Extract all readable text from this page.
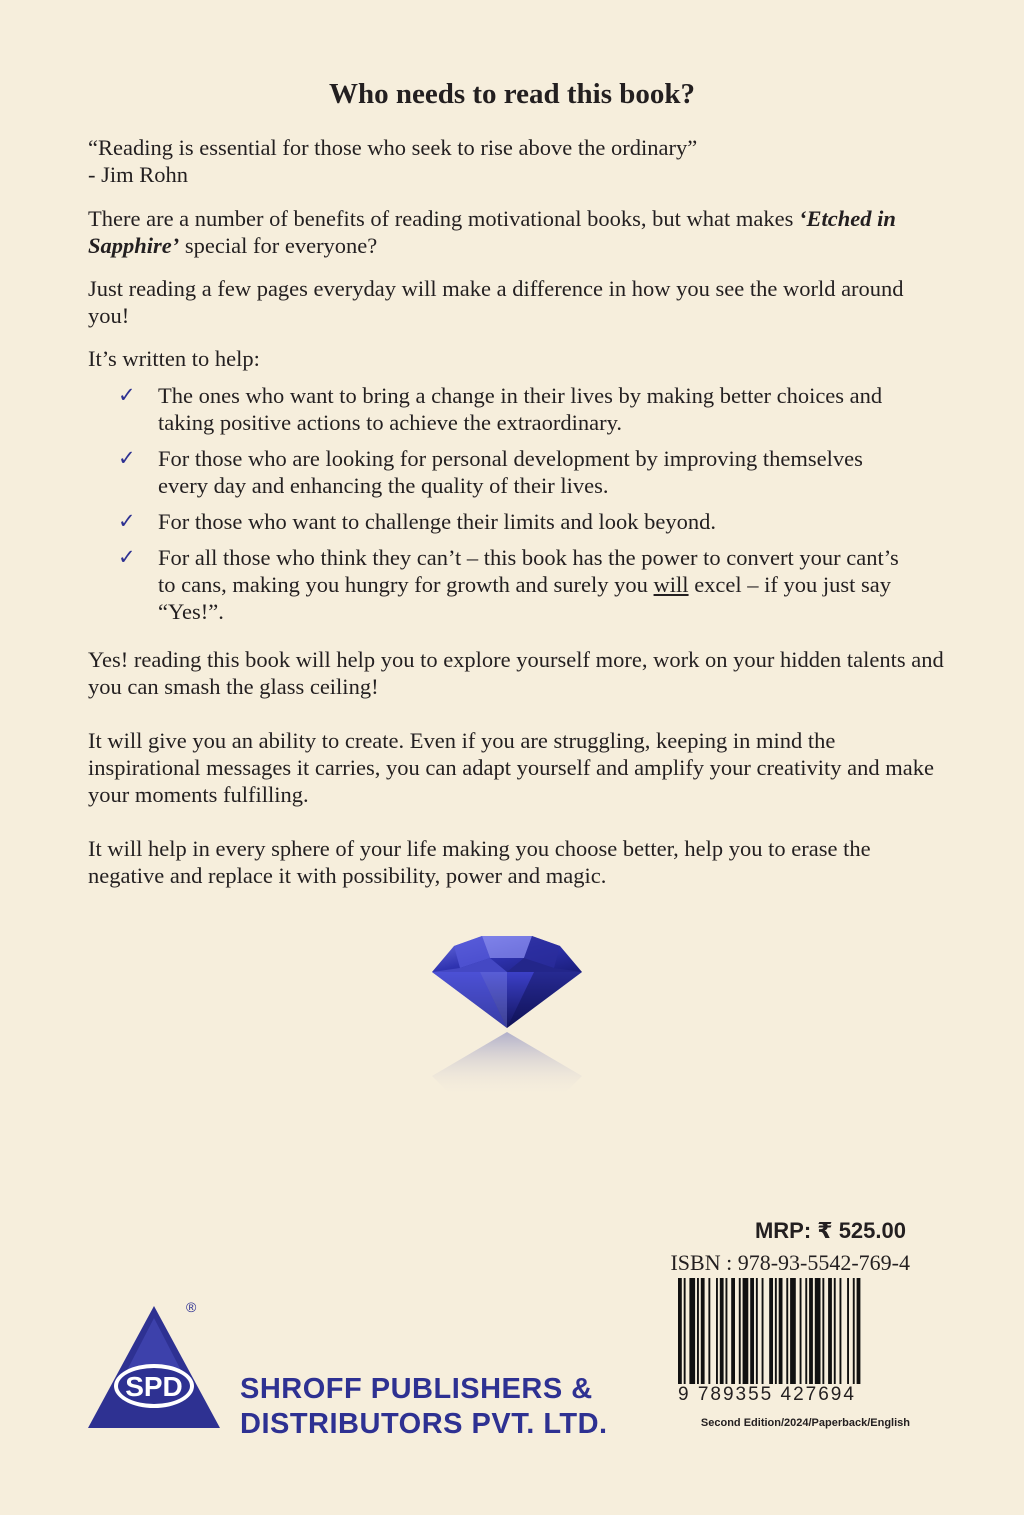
Who needs to read this book?

“Reading is essential for those who seek to rise above the ordinary”
- Jim Rohn

There are a number of benefits of reading motivational books, but what makes ‘Etched in Sapphire’ special for everyone?

Just reading a few pages everyday will make a difference in how you see the world around you!

It’s written to help:

✓ The ones who want to bring a change in their lives by making better choices and taking positive actions to achieve the extraordinary.
✓ For those who are looking for personal development by improving themselves every day and enhancing the quality of their lives.
✓ For those who want to challenge their limits and look beyond.
✓ For all those who think they can’t – this book has the power to convert your cant’s to cans, making you hungry for growth and surely you will excel – if you just say “Yes!”.

Yes! reading this book will help you to explore yourself more, work on your hidden talents and you can smash the glass ceiling!

It will give you an ability to create. Even if you are struggling, keeping in mind the inspirational messages it carries, you can adapt yourself and amplify your creativity and make your moments fulfilling.

It will help in every sphere of your life making you choose better, help you to erase the negative and replace it with possibility, power and magic.

MRP: ₹ 525.00

ISBN : 978-93-5542-769-4

9 789355 427694

Second Edition/2024/Paperback/English

SPD
®

SHROFF PUBLISHERS &
DISTRIBUTORS PVT. LTD.
